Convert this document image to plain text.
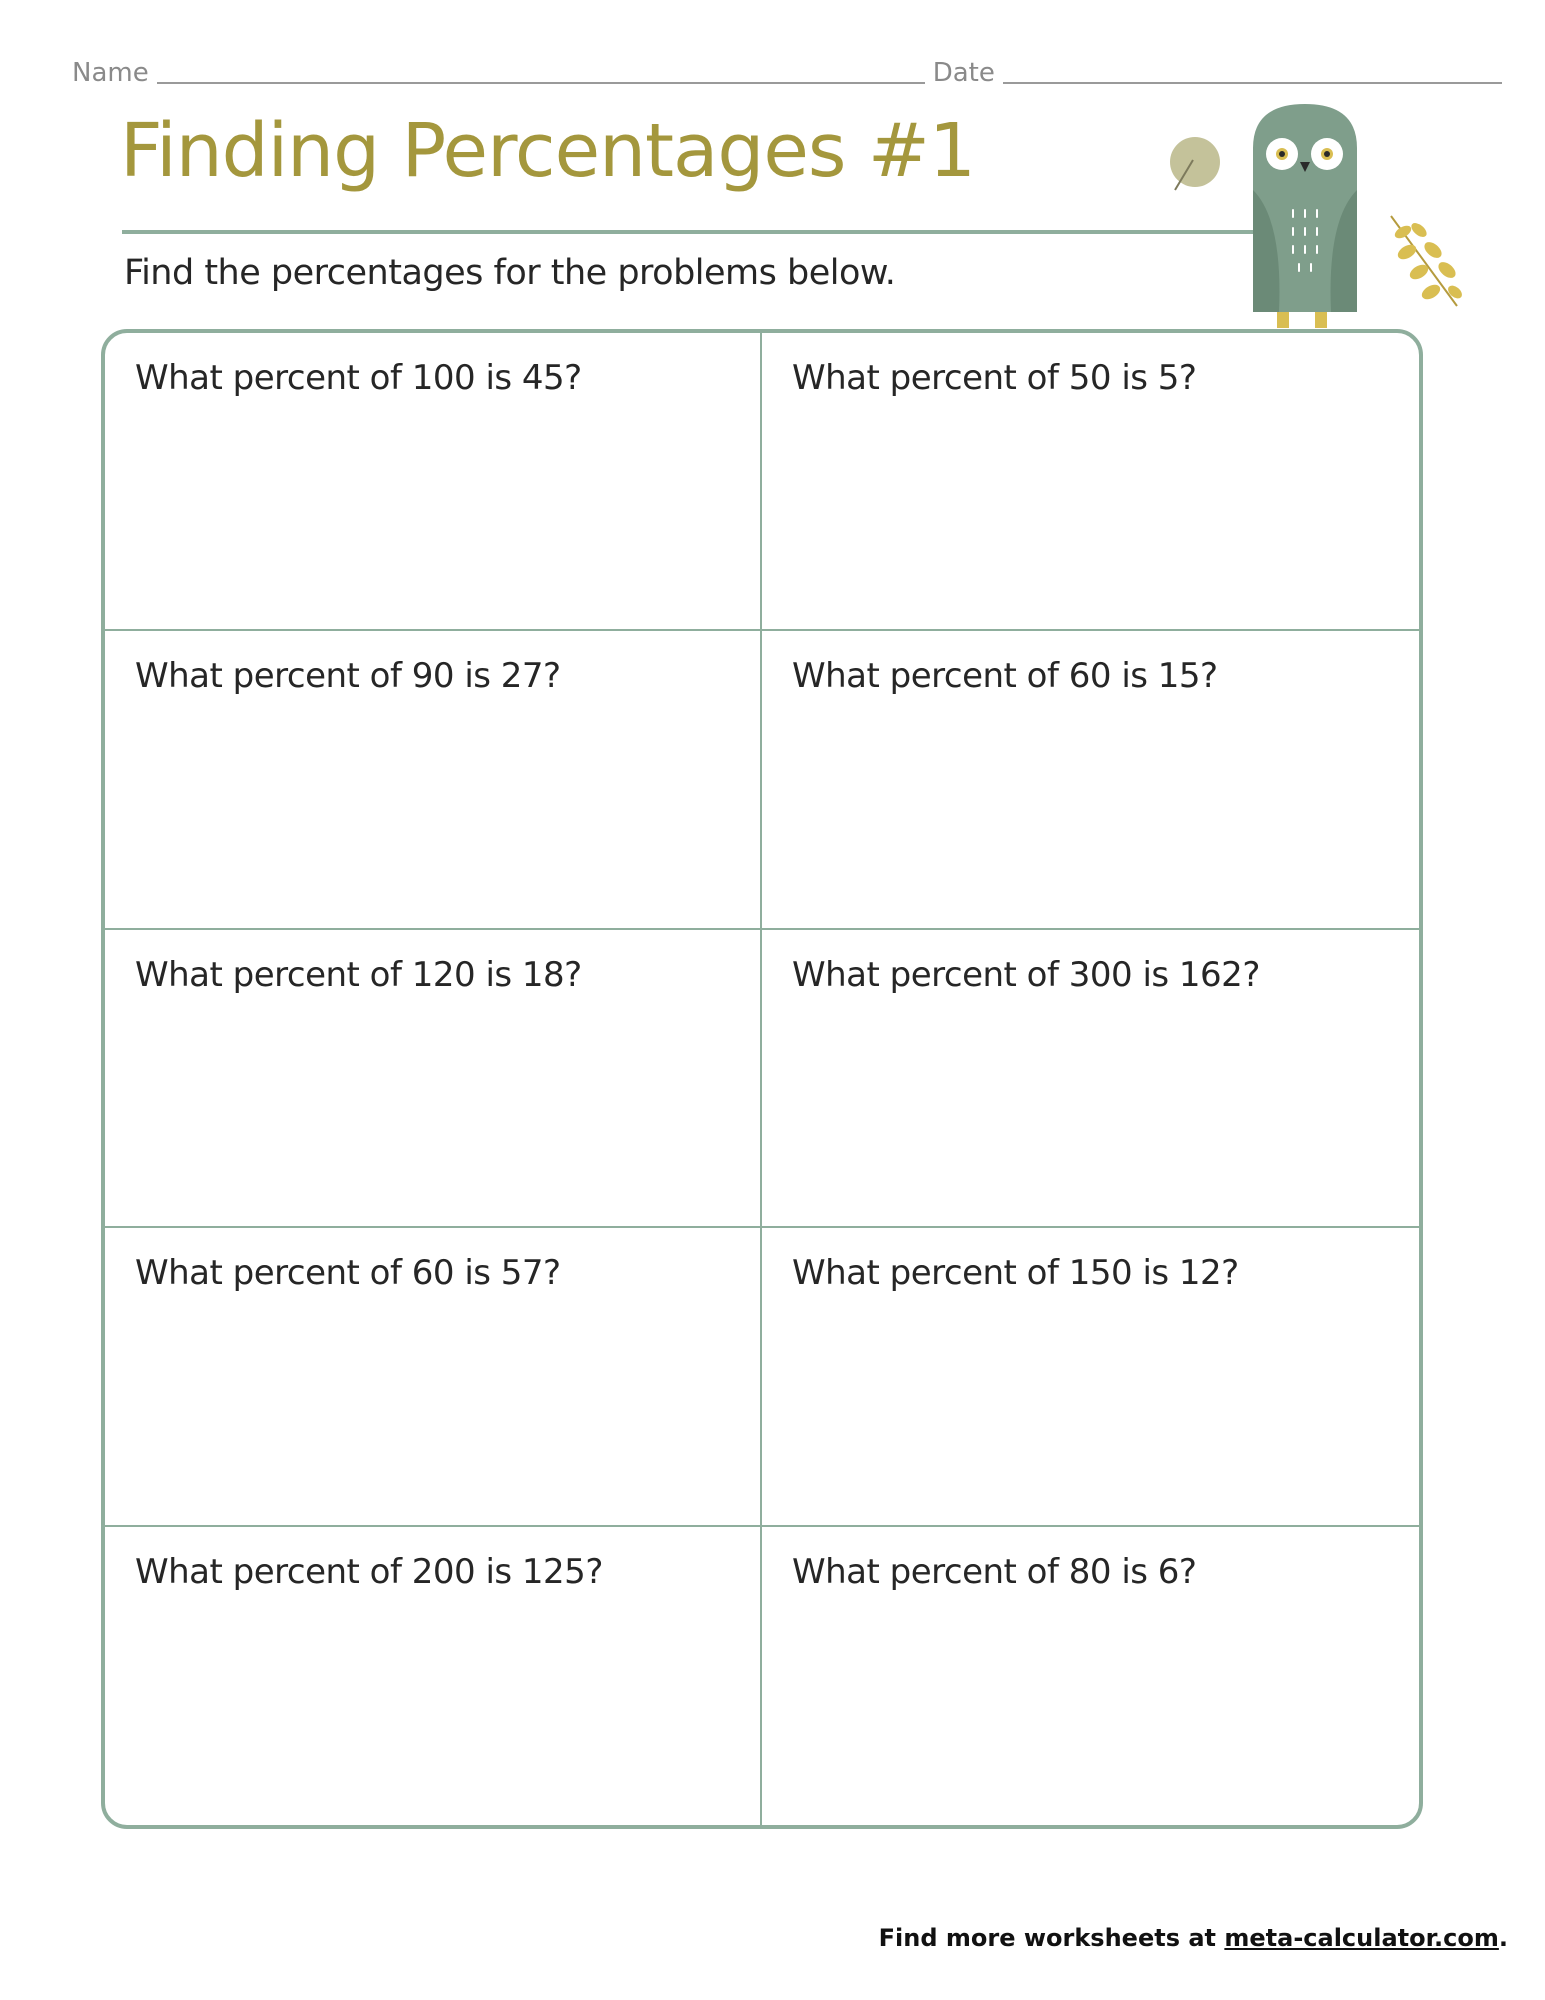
Name	Date
Finding Percentages #1
Find the percentages for the problems below.
What percent of 100 is 45?	What percent of 50 is 5?
What percent of 90 is 27?	What percent of 60 is 15?
What percent of 120 is 18?	What percent of 300 is 162?
What percent of 60 is 57?	What percent of 150 is 12?
What percent of 200 is 125?	What percent of 80 is 6?
Find more worksheets at meta-calculator.com.
